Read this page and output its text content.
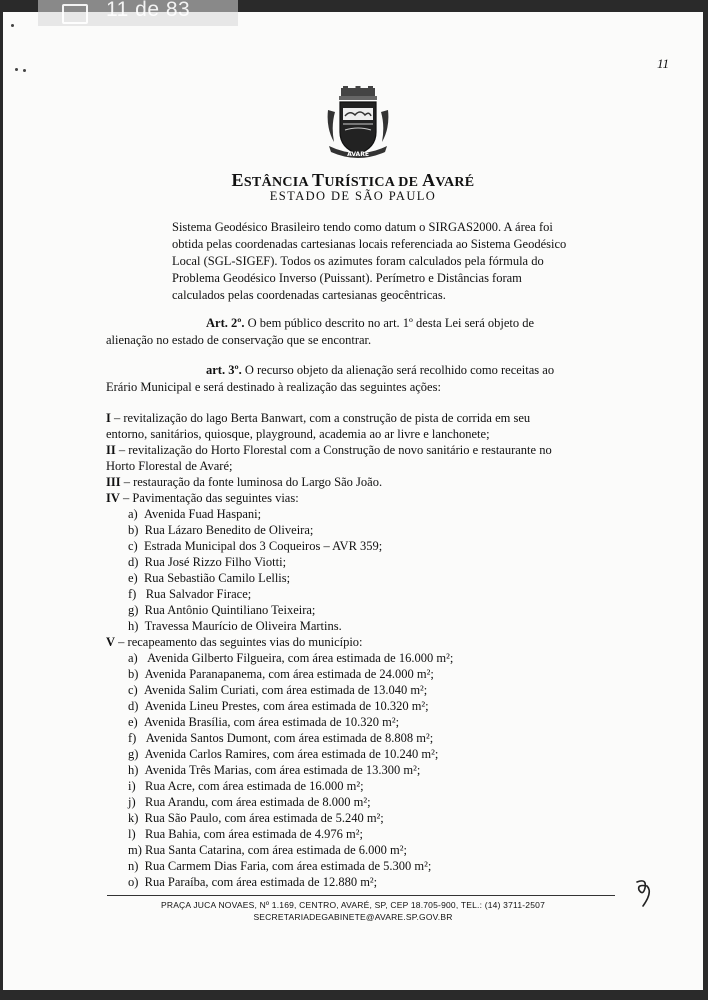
11
AVARÉ
ESTÂNCIA TURÍSTICA DE AVARÉ
ESTADO DE SÃO PAULO
Sistema Geodésico Brasileiro tendo como datum o SIRGAS2000. A área foi
obtida pelas coordenadas cartesianas locais referenciada ao Sistema Geodésico
Local (SGL-SIGEF). Todos os azimutes foram calculados pela fórmula do
Problema Geodésico Inverso (Puissant). Perímetro e Distâncias foram
calculados pelas coordenadas cartesianas geocêntricas.
Art. 2º. O bem público descrito no art. 1º desta Lei será objeto de
alienação no estado de conservação que se encontrar.
art. 3º. O recurso objeto da alienação será recolhido como receitas ao
Erário Municipal e será destinado à realização das seguintes ações:
I – revitalização do lago Berta Banwart, com a construção de pista de corrida em seu
entorno, sanitários, quiosque, playground, academia ao ar livre e lanchonete;
II – revitalização do Horto Florestal com a Construção de novo sanitário e restaurante no
Horto Florestal de Avaré;
III – restauração da fonte luminosa do Largo São João.
IV – Pavimentação das seguintes vias:
a)  Avenida Fuad Haspani;
b)  Rua Lázaro Benedito de Oliveira;
c)  Estrada Municipal dos 3 Coqueiros – AVR 359;
d)  Rua José Rizzo Filho Viotti;
e)  Rua Sebastião Camilo Lellis;
f)   Rua Salvador Firace;
g)  Rua Antônio Quintiliano Teixeira;
h)  Travessa Maurício de Oliveira Martins.
V – recapeamento das seguintes vias do município:
a)   Avenida Gilberto Filgueira, com área estimada de 16.000 m²;
b)  Avenida Paranapanema, com área estimada de 24.000 m²;
c)  Avenida Salim Curiati, com área estimada de 13.040 m²;
d)  Avenida Lineu Prestes, com área estimada de 10.320 m²;
e)  Avenida Brasília, com área estimada de 10.320 m²;
f)   Avenida Santos Dumont, com área estimada de 8.808 m²;
g)  Avenida Carlos Ramires, com área estimada de 10.240 m²;
h)  Avenida Três Marias, com área estimada de 13.300 m²;
i)   Rua Acre, com área estimada de 16.000 m²;
j)   Rua Arandu, com área estimada de 8.000 m²;
k)  Rua São Paulo, com área estimada de 5.240 m²;
l)   Rua Bahia, com área estimada de 4.976 m²;
m) Rua Santa Catarina, com área estimada de 6.000 m²;
n)  Rua Carmem Dias Faria, com área estimada de 5.300 m²;
o)  Rua Paraíba, com área estimada de 12.880 m²;
PRAÇA JUCA NOVAES, Nº 1.169, CENTRO, AVARÉ, SP, CEP 18.705-900, TEL.: (14) 3711-2507
SECRETARIADEGABINETE@AVARE.SP.GOV.BR
11 de 83
